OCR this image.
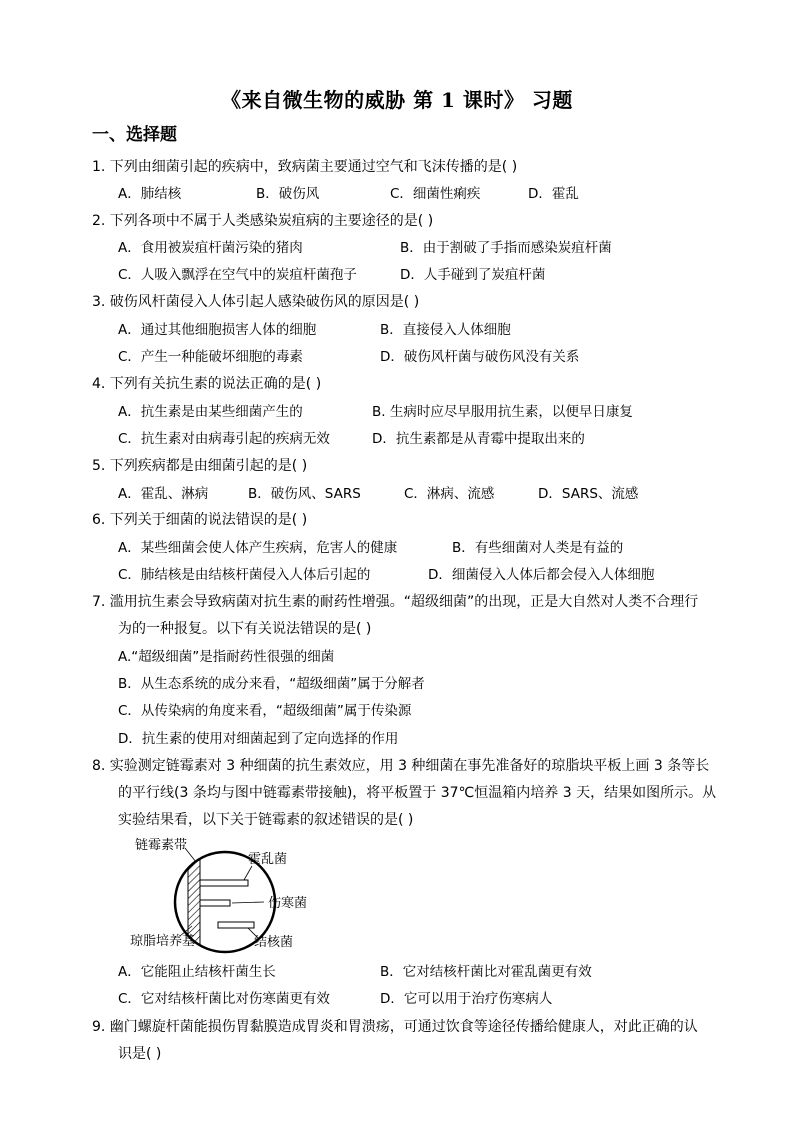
《来自微生物的威胁 第 1 课时》 习题
一、选择题
1. 下列由细菌引起的疾病中，致病菌主要通过空气和飞沫传播的是( )
A．肺结核	B．破伤风	C．细菌性痢疾	D．霍乱
2. 下列各项中不属于人类感染炭疽病的主要途径的是( )
A．食用被炭疽杆菌污染的猪肉	B．由于割破了手指而感染炭疽杆菌
C．人吸入飘浮在空气中的炭疽杆菌孢子	D．人手碰到了炭疽杆菌
3. 破伤风杆菌侵入人体引起人感染破伤风的原因是( )
A．通过其他细胞损害人体的细胞	B．直接侵入人体细胞
C．产生一种能破坏细胞的毒素	D．破伤风杆菌与破伤风没有关系
4. 下列有关抗生素的说法正确的是( )
A．抗生素是由某些细菌产生的	B. 生病时应尽早服用抗生素，以便早日康复
C．抗生素对由病毒引起的疾病无效	D．抗生素都是从青霉中提取出来的
5. 下列疾病都是由细菌引起的是( )
A．霍乱、淋病	B．破伤风、SARS	C．淋病、流感	D．SARS、流感
6. 下列关于细菌的说法错误的是( )
A．某些细菌会使人体产生疾病，危害人的健康	B．有些细菌对人类是有益的
C．肺结核是由结核杆菌侵入人体后引起的	D．细菌侵入人体后都会侵入人体细胞
7. 滥用抗生素会导致病菌对抗生素的耐药性增强。“超级细菌”的出现，正是大自然对人类不合理行
为的一种报复。以下有关说法错误的是( )
A.“超级细菌”是指耐药性很强的细菌
B．从生态系统的成分来看，“超级细菌”属于分解者
C．从传染病的角度来看，“超级细菌”属于传染源
D．抗生素的使用对细菌起到了定向选择的作用
8. 实验测定链霉素对 3 种细菌的抗生素效应，用 3 种细菌在事先准备好的琼脂块平板上画 3 条等长
的平行线(3 条均与图中链霉素带接触)，将平板置于 37℃恒温箱内培养 3 天，结果如图所示。从
实验结果看，以下关于链霉素的叙述错误的是( )
链霉素带
霍乱菌
伤寒菌
琼脂培养基	结核菌
A．它能阻止结核杆菌生长	B．它对结核杆菌比对霍乱菌更有效
C．它对结核杆菌比对伤寒菌更有效	D．它可以用于治疗伤寒病人
9. 幽门螺旋杆菌能损伤胃黏膜造成胃炎和胃溃疡，可通过饮食等途径传播给健康人，对此正确的认
识是( )
